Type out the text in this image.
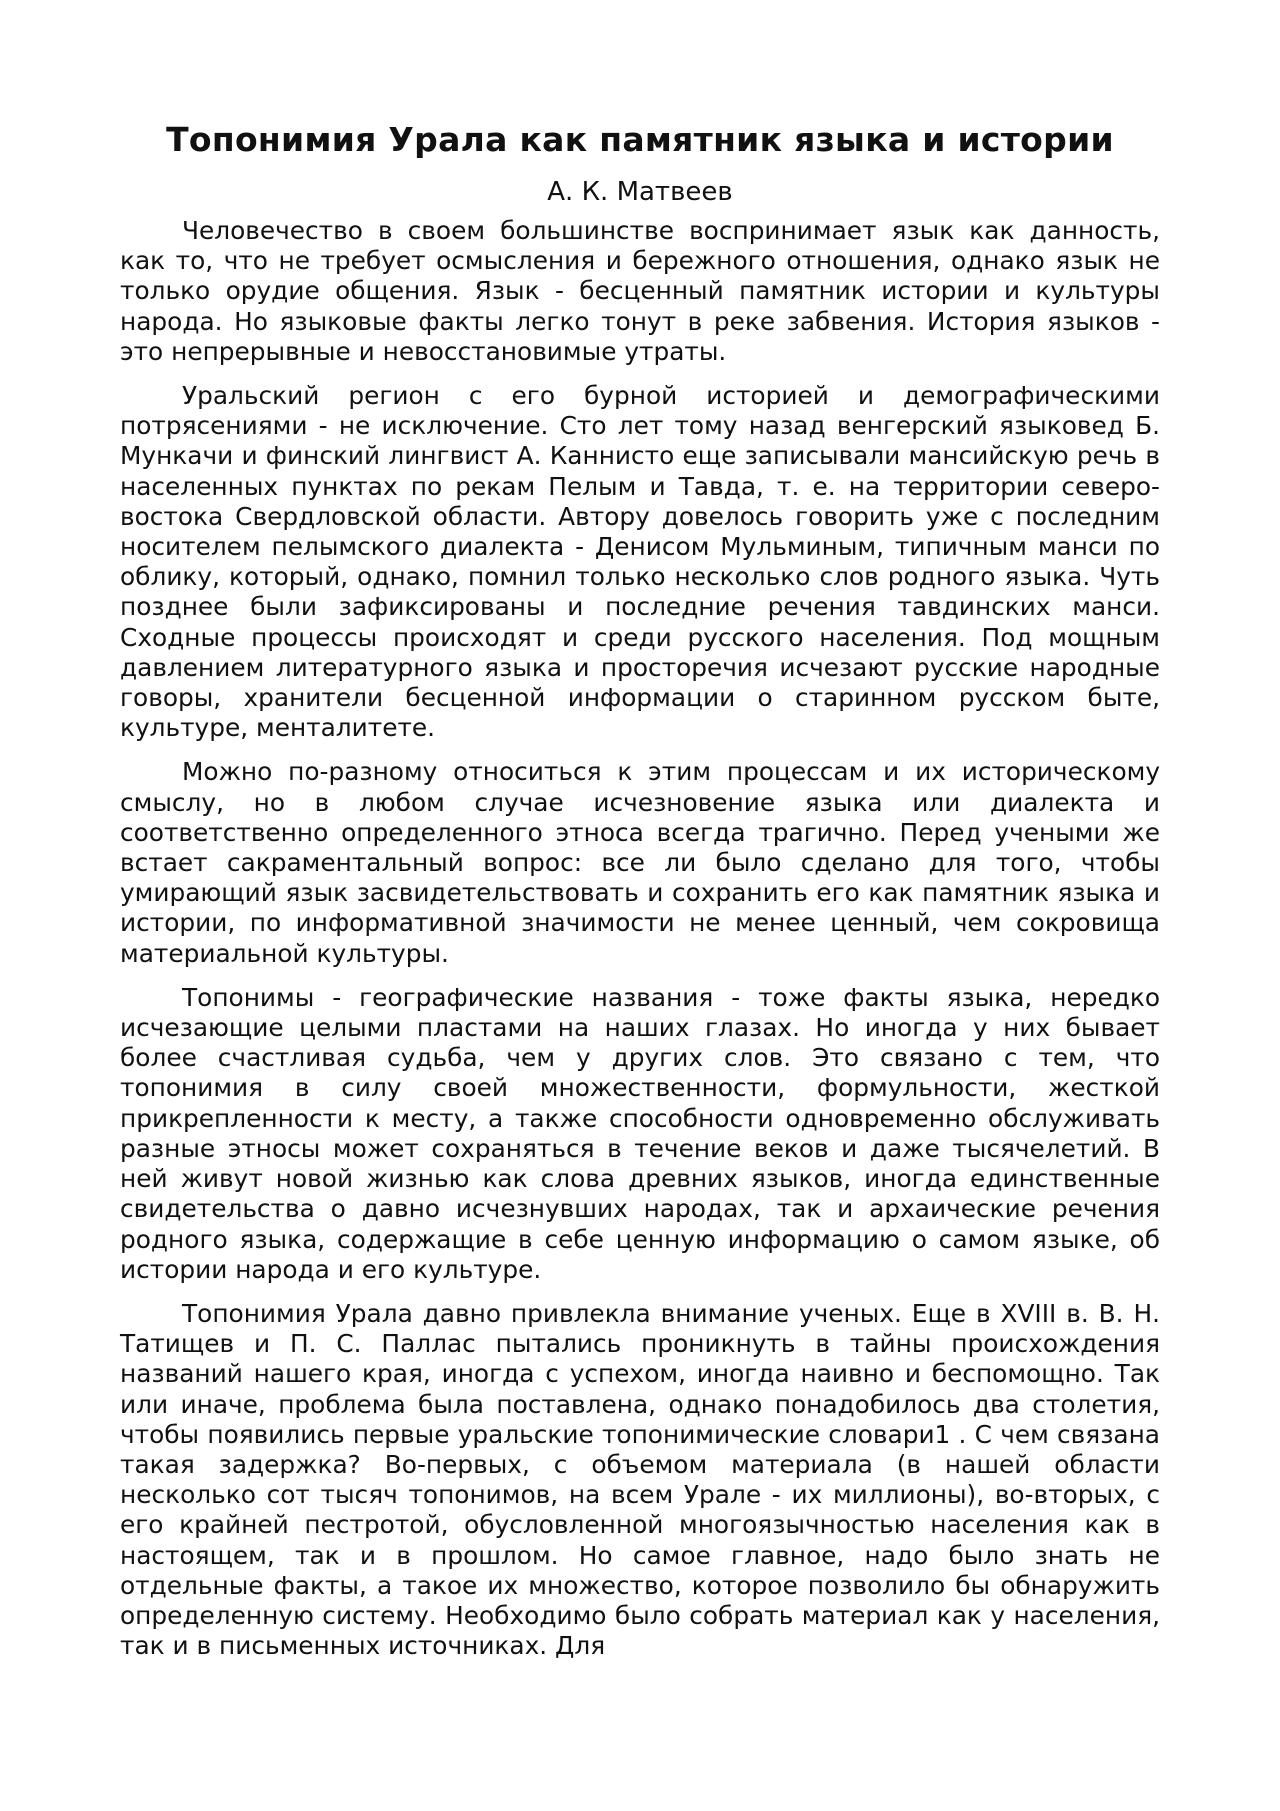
Топонимия Урала как памятник языка и истории
А. К. Матвеев

Человечество в своем большинстве воспринимает язык как данность, как то, что не требует осмысления и бережного отношения, однако язык не только орудие общения. Язык - бесценный памятник истории и культуры народа. Но языковые факты легко тонут в реке забвения. История языков - это непрерывные и невосстановимые утраты.

Уральский регион с его бурной историей и демографическими потрясениями - не исключение. Сто лет тому назад венгерский языковед Б. Мункачи и финский лингвист А. Каннисто еще записывали мансийскую речь в населенных пунктах по рекам Пелым и Тавда, т. е. на территории северо-востока Свердловской области. Автору довелось говорить уже с последним носителем пелымского диалекта - Денисом Мульминым, типичным манси по облику, который, однако, помнил только несколько слов родного языка. Чуть позднее были зафиксированы и последние речения тавдинских манси. Сходные процессы происходят и среди русского населения. Под мощным давлением литературного языка и просторечия исчезают русские народные говоры, хранители бесценной информации о старинном русском быте, культуре, менталитете.

Можно по-разному относиться к этим процессам и их историческому смыслу, но в любом случае исчезновение языка или диалекта и соответственно определенного этноса всегда трагично. Перед учеными же встает сакраментальный вопрос: все ли было сделано для того, чтобы умирающий язык засвидетельствовать и сохранить его как памятник языка и истории, по информативной значимости не менее ценный, чем сокровища материальной культуры.

Топонимы - географические названия - тоже факты языка, нередко исчезающие целыми пластами на наших глазах. Но иногда у них бывает более счастливая судьба, чем у других слов. Это связано с тем, что топонимия в силу своей множественности, формульности, жесткой прикрепленности к месту, а также способности одновременно обслуживать разные этносы может сохраняться в течение веков и даже тысячелетий. В ней живут новой жизнью как слова древних языков, иногда единственные свидетельства о давно исчезнувших народах, так и архаические речения родного языка, содержащие в себе ценную информацию о самом языке, об истории народа и его культуре.

Топонимия Урала давно привлекла внимание ученых. Еще в XVIII в. В. Н. Татищев и П. С. Паллас пытались проникнуть в тайны происхождения названий нашего края, иногда с успехом, иногда наивно и беспомощно. Так или иначе, проблема была поставлена, однако понадобилось два столетия, чтобы появились первые уральские топонимические словари1 . С чем связана такая задержка? Во-первых, с объемом материала (в нашей области несколько сот тысяч топонимов, на всем Урале - их миллионы), во-вторых, с его крайней пестротой, обусловленной многоязычностью населения как в настоящем, так и в прошлом. Но самое главное, надо было знать не отдельные факты, а такое их множество, которое позволило бы обнаружить определенную систему. Необходимо было собрать материал как у населения, так и в письменных источниках. Для
